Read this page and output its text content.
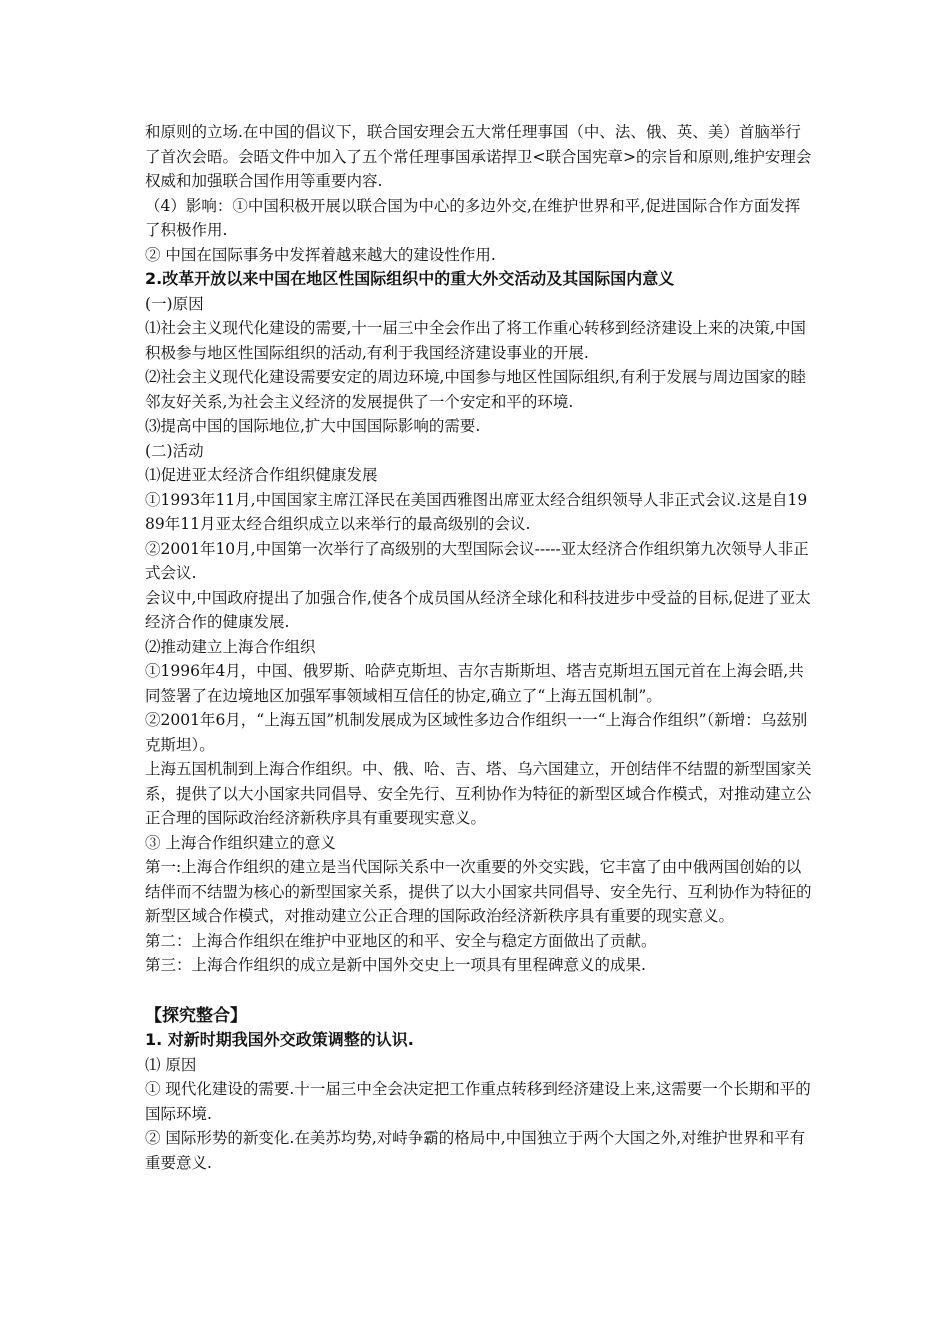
和原则的立场.在中国的倡议下，联合国安理会五大常任理事国（中、法、俄、英、美）首脑举行了首次会晤。会晤文件中加入了五个常任理事国承诺捍卫<联合国宪章>的宗旨和原则,维护安理会权威和加强联合国作用等重要内容.

（4）影响：①中国积极开展以联合国为中心的多边外交,在维护世界和平,促进国际合作方面发挥了积极作用.

② 中国在国际事务中发挥着越来越大的建设性作用.

2.改革开放以来中国在地区性国际组织中的重大外交活动及其国际国内意义

(一)原因

⑴社会主义现代化建设的需要,十一届三中全会作出了将工作重心转移到经济建设上来的决策,中国积极参与地区性国际组织的活动,有利于我国经济建设事业的开展.

⑵社会主义现代化建设需要安定的周边环境,中国参与地区性国际组织,有利于发展与周边国家的睦邻友好关系,为社会主义经济的发展提供了一个安定和平的环境.

⑶提高中国的国际地位,扩大中国国际影响的需要.

(二)活动

⑴促进亚太经济合作组织健康发展

①1993年11月,中国国家主席江泽民在美国西雅图出席亚太经合组织领导人非正式会议.这是自1989年11月亚太经合组织成立以来举行的最高级别的会议.

②2001年10月,中国第一次举行了高级别的大型国际会议-----亚太经济合作组织第九次领导人非正式会议.

会议中,中国政府提出了加强合作,使各个成员国从经济全球化和科技进步中受益的目标,促进了亚太经济合作的健康发展.

⑵推动建立上海合作组织

①1996年4月，中国、俄罗斯、哈萨克斯坦、吉尔吉斯斯坦、塔吉克斯坦五国元首在上海会晤,共同签署了在边境地区加强军事领域相互信任的协定,确立了“上海五国机制”。

②2001年6月，“上海五国”机制发展成为区域性多边合作组织一一“上海合作组织”（新增：乌兹别克斯坦）。

上海五国机制到上海合作组织。中、俄、哈、吉、塔、乌六国建立，开创结伴不结盟的新型国家关系，提供了以大小国家共同倡导、安全先行、互利协作为特征的新型区域合作模式，对推动建立公正合理的国际政治经济新秩序具有重要现实意义。

③ 上海合作组织建立的意义

第一:上海合作组织的建立是当代国际关系中一次重要的外交实践，它丰富了由中俄两国创始的以结伴而不结盟为核心的新型国家关系，提供了以大小国家共同倡导、安全先行、互利协作为特征的新型区域合作模式，对推动建立公正合理的国际政治经济新秩序具有重要的现实意义。

第二：上海合作组织在维护中亚地区的和平、安全与稳定方面做出了贡献。

第三：上海合作组织的成立是新中国外交史上一项具有里程碑意义的成果.

【探究整合】

1. 对新时期我国外交政策调整的认识.

⑴ 原因

① 现代化建设的需要.十一届三中全会决定把工作重点转移到经济建设上来,这需要一个长期和平的国际环境.

② 国际形势的新变化.在美苏均势,对峙争霸的格局中,中国独立于两个大国之外,对维护世界和平有重要意义.
